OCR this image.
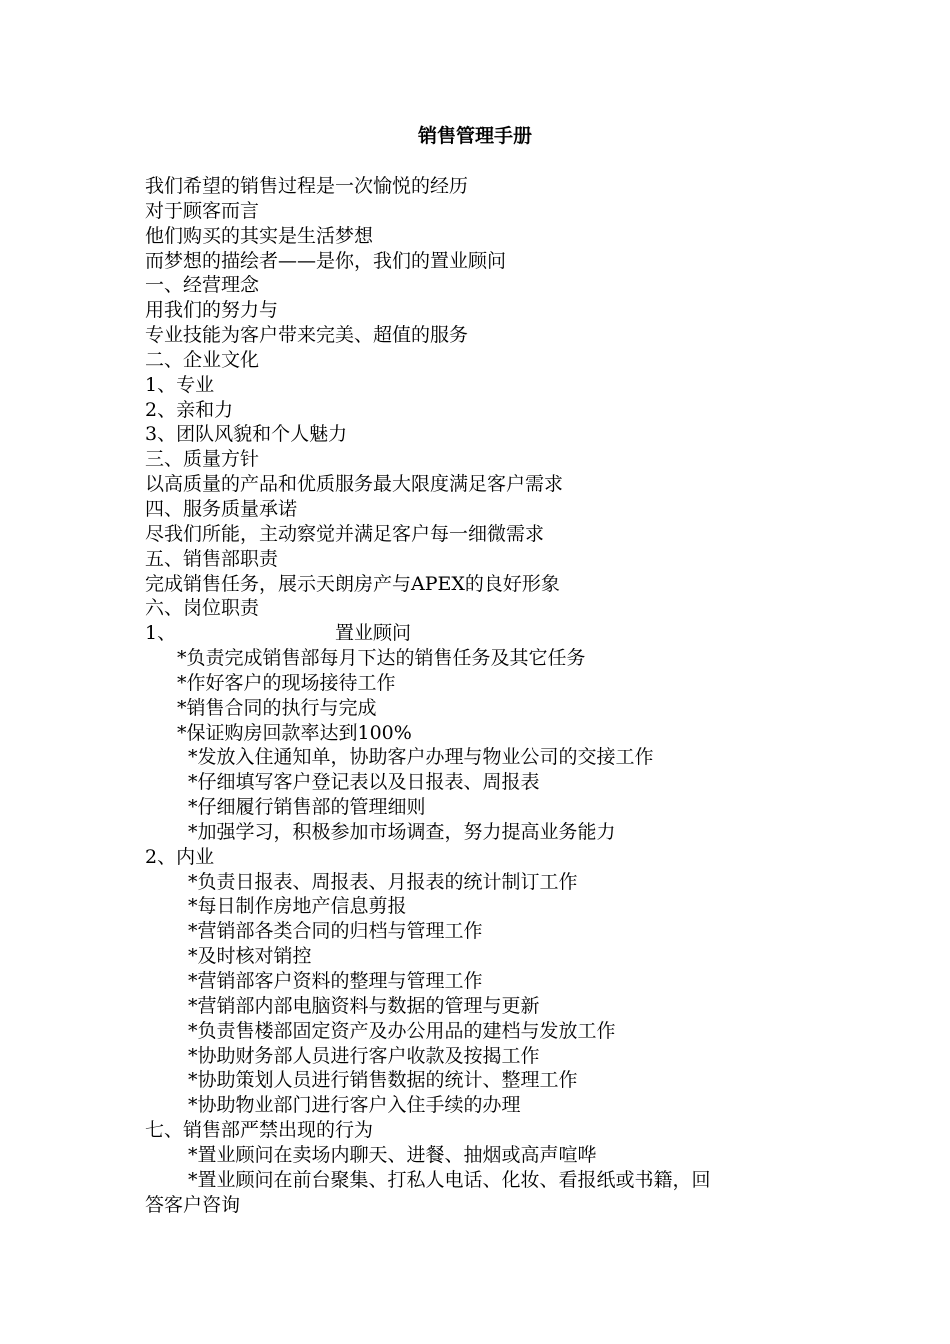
销售管理手册
我们希望的销售过程是一次愉悦的经历
对于顾客而言
他们购买的其实是生活梦想
而梦想的描绘者——是你，我们的置业顾问
一、经营理念
用我们的努力与
专业技能为客户带来完美、超值的服务
二、企业文化
1、专业
2、亲和力
3、团队风貌和个人魅力
三、质量方针
以高质量的产品和优质服务最大限度满足客户需求
四、服务质量承诺
尽我们所能，主动察觉并满足客户每一细微需求
五、销售部职责
完成销售任务，展示天朗房产与APEX的良好形象
六、岗位职责
1、	置业顾问
*负责完成销售部每月下达的销售任务及其它任务
*作好客户的现场接待工作
*销售合同的执行与完成
*保证购房回款率达到100%
*发放入住通知单，协助客户办理与物业公司的交接工作
*仔细填写客户登记表以及日报表、周报表
*仔细履行销售部的管理细则
*加强学习，积极参加市场调查，努力提高业务能力
2、内业
*负责日报表、周报表、月报表的统计制订工作
*每日制作房地产信息剪报
*营销部各类合同的归档与管理工作
*及时核对销控
*营销部客户资料的整理与管理工作
*营销部内部电脑资料与数据的管理与更新
*负责售楼部固定资产及办公用品的建档与发放工作
*协助财务部人员进行客户收款及按揭工作
*协助策划人员进行销售数据的统计、整理工作
*协助物业部门进行客户入住手续的办理
七、销售部严禁出现的行为
*置业顾问在卖场内聊天、进餐、抽烟或高声喧哗
*置业顾问在前台聚集、打私人电话、化妆、看报纸或书籍，回
答客户咨询
